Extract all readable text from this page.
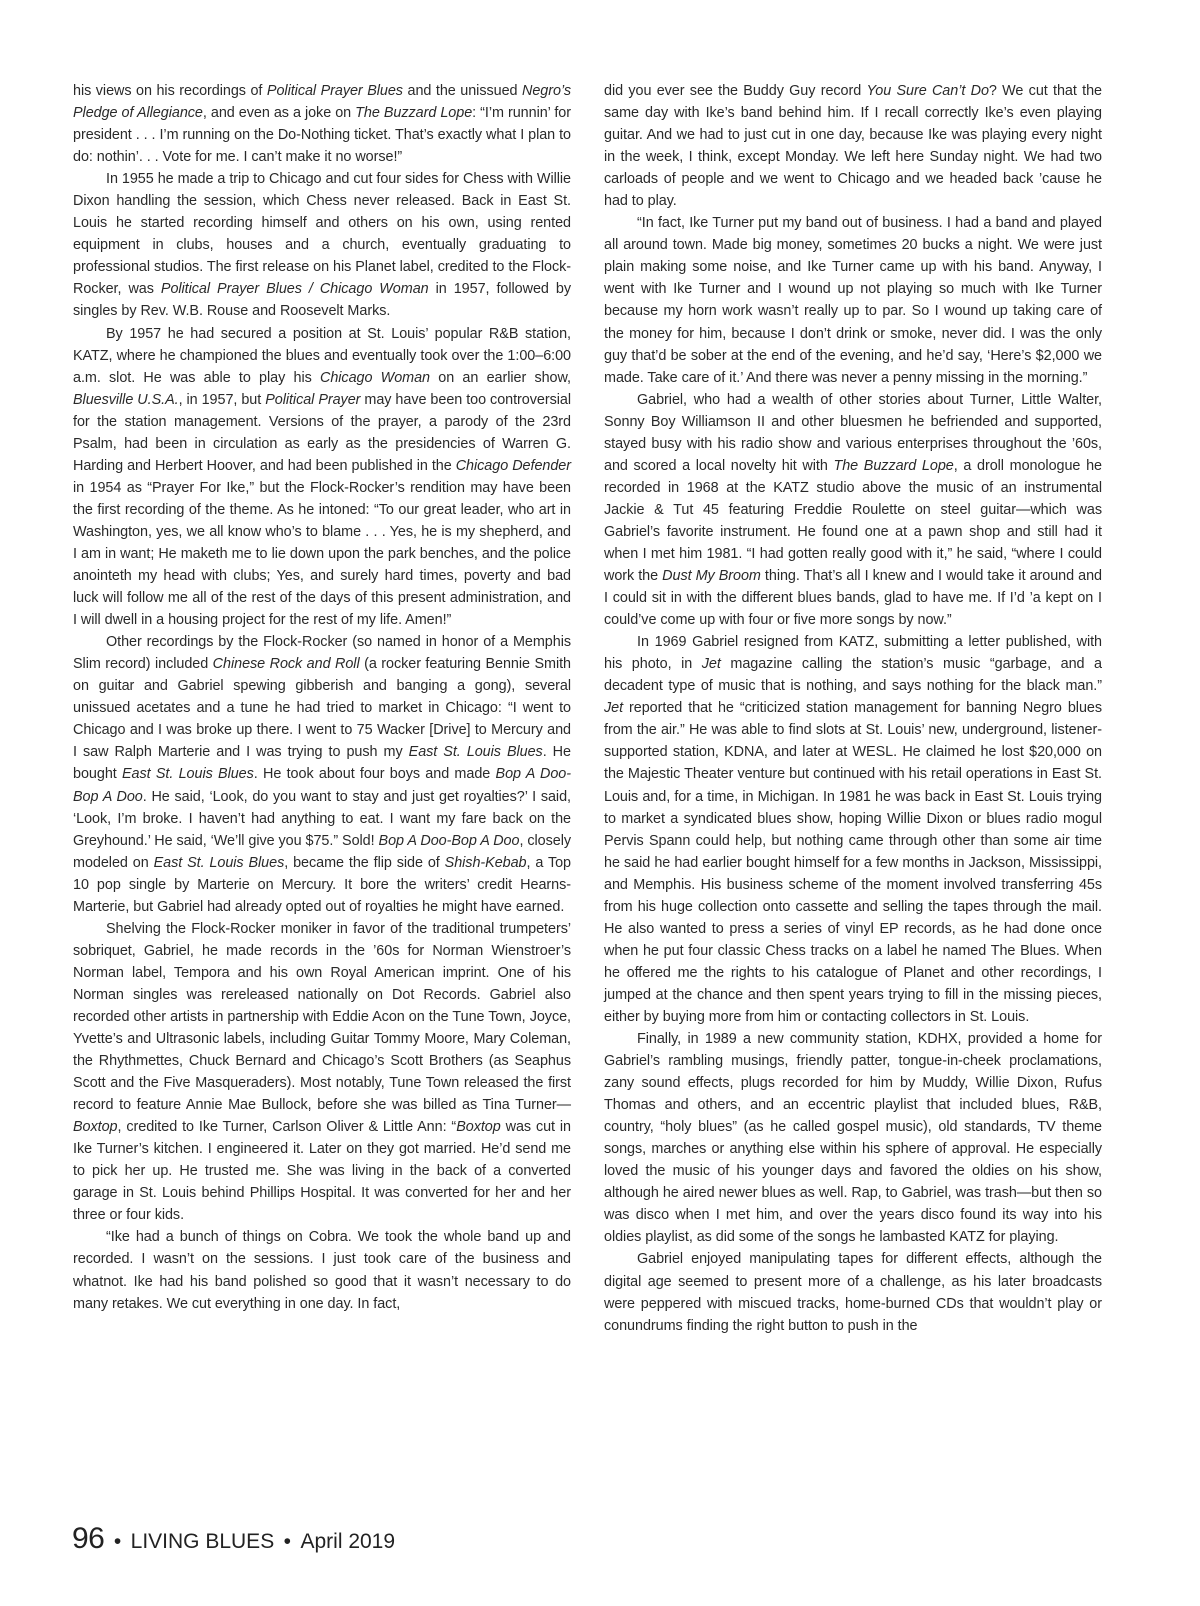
his views on his recordings of Political Prayer Blues and the unissued Negro’s Pledge of Allegiance, and even as a joke on The Buzzard Lope: “I’m runnin’ for president . . . I’m running on the Do-Nothing ticket. That’s exactly what I plan to do: nothin’. . . Vote for me. I can’t make it no worse!”

In 1955 he made a trip to Chicago and cut four sides for Chess with Willie Dixon handling the session, which Chess never released. Back in East St. Louis he started recording himself and others on his own, using rented equipment in clubs, houses and a church, eventually graduating to professional studios. The first release on his Planet label, credited to the Flock-Rocker, was Political Prayer Blues / Chicago Woman in 1957, followed by singles by Rev. W.B. Rouse and Roosevelt Marks.

By 1957 he had secured a position at St. Louis’ popular R&B station, KATZ, where he championed the blues and eventually took over the 1:00–6:00 a.m. slot. He was able to play his Chicago Woman on an earlier show, Bluesville U.S.A., in 1957, but Political Prayer may have been too controversial for the station management. Versions of the prayer, a parody of the 23rd Psalm, had been in circulation as early as the presidencies of Warren G. Harding and Herbert Hoover, and had been published in the Chicago Defender in 1954 as “Prayer For Ike,” but the Flock-Rocker’s rendition may have been the first recording of the theme. As he intoned: “To our great leader, who art in Washington, yes, we all know who’s to blame . . . Yes, he is my shepherd, and I am in want; He maketh me to lie down upon the park benches, and the police anointeth my head with clubs; Yes, and surely hard times, poverty and bad luck will follow me all of the rest of the days of this present administration, and I will dwell in a housing project for the rest of my life. Amen!”

Other recordings by the Flock-Rocker (so named in honor of a Memphis Slim record) included Chinese Rock and Roll (a rocker featuring Bennie Smith on guitar and Gabriel spewing gibberish and banging a gong), several unissued acetates and a tune he had tried to market in Chicago: “I went to Chicago and I was broke up there. I went to 75 Wacker [Drive] to Mercury and I saw Ralph Marterie and I was trying to push my East St. Louis Blues. He bought East St. Louis Blues. He took about four boys and made Bop A Doo-Bop A Doo. He said, ‘Look, do you want to stay and just get royalties?’ I said, ‘Look, I’m broke. I haven’t had anything to eat. I want my fare back on the Greyhound.’ He said, ‘We’ll give you $75.” Sold! Bop A Doo-Bop A Doo, closely modeled on East St. Louis Blues, became the flip side of Shish-Kebab, a Top 10 pop single by Marterie on Mercury. It bore the writers’ credit Hearns-Marterie, but Gabriel had already opted out of royalties he might have earned.

Shelving the Flock-Rocker moniker in favor of the traditional trumpeters’ sobriquet, Gabriel, he made records in the ’60s for Norman Wienstroer’s Norman label, Tempora and his own Royal American imprint. One of his Norman singles was rereleased nationally on Dot Records. Gabriel also recorded other artists in partnership with Eddie Acon on the Tune Town, Joyce, Yvette’s and Ultrasonic labels, including Guitar Tommy Moore, Mary Coleman, the Rhythmettes, Chuck Bernard and Chicago’s Scott Brothers (as Seaphus Scott and the Five Masqueraders). Most notably, Tune Town released the first record to feature Annie Mae Bullock, before she was billed as Tina Turner—Boxtop, credited to Ike Turner, Carlson Oliver & Little Ann: “Boxtop was cut in Ike Turner’s kitchen. I engineered it. Later on they got married. He’d send me to pick her up. He trusted me. She was living in the back of a converted garage in St. Louis behind Phillips Hospital. It was converted for her and her three or four kids.

“Ike had a bunch of things on Cobra. We took the whole band up and recorded. I wasn’t on the sessions. I just took care of the business and whatnot. Ike had his band polished so good that it wasn’t necessary to do many retakes. We cut everything in one day. In fact,

did you ever see the Buddy Guy record You Sure Can’t Do? We cut that the same day with Ike’s band behind him. If I recall correctly Ike’s even playing guitar. And we had to just cut in one day, because Ike was playing every night in the week, I think, except Monday. We left here Sunday night. We had two carloads of people and we went to Chicago and we headed back ’cause he had to play.

“In fact, Ike Turner put my band out of business. I had a band and played all around town. Made big money, sometimes 20 bucks a night. We were just plain making some noise, and Ike Turner came up with his band. Anyway, I went with Ike Turner and I wound up not playing so much with Ike Turner because my horn work wasn’t really up to par. So I wound up taking care of the money for him, because I don’t drink or smoke, never did. I was the only guy that’d be sober at the end of the evening, and he’d say, ‘Here’s $2,000 we made. Take care of it.’ And there was never a penny missing in the morning.”

Gabriel, who had a wealth of other stories about Turner, Little Walter, Sonny Boy Williamson II and other bluesmen he befriended and supported, stayed busy with his radio show and various enterprises throughout the ’60s, and scored a local novelty hit with The Buzzard Lope, a droll monologue he recorded in 1968 at the KATZ studio above the music of an instrumental Jackie & Tut 45 featuring Freddie Roulette on steel guitar—which was Gabriel’s favorite instrument. He found one at a pawn shop and still had it when I met him 1981. “I had gotten really good with it,” he said, “where I could work the Dust My Broom thing. That’s all I knew and I would take it around and I could sit in with the different blues bands, glad to have me. If I’d ’a kept on I could’ve come up with four or five more songs by now.”

In 1969 Gabriel resigned from KATZ, submitting a letter published, with his photo, in Jet magazine calling the station’s music “garbage, and a decadent type of music that is nothing, and says nothing for the black man.” Jet reported that he “criticized station management for banning Negro blues from the air.” He was able to find slots at St. Louis’ new, underground, listener-supported station, KDNA, and later at WESL. He claimed he lost $20,000 on the Majestic Theater venture but continued with his retail operations in East St. Louis and, for a time, in Michigan. In 1981 he was back in East St. Louis trying to market a syndicated blues show, hoping Willie Dixon or blues radio mogul Pervis Spann could help, but nothing came through other than some air time he said he had earlier bought himself for a few months in Jackson, Mississippi, and Memphis. His business scheme of the moment involved transferring 45s from his huge collection onto cassette and selling the tapes through the mail. He also wanted to press a series of vinyl EP records, as he had done once when he put four classic Chess tracks on a label he named The Blues. When he offered me the rights to his catalogue of Planet and other recordings, I jumped at the chance and then spent years trying to fill in the missing pieces, either by buying more from him or contacting collectors in St. Louis.

Finally, in 1989 a new community station, KDHX, provided a home for Gabriel’s rambling musings, friendly patter, tongue-in-cheek proclamations, zany sound effects, plugs recorded for him by Muddy, Willie Dixon, Rufus Thomas and others, and an eccentric playlist that included blues, R&B, country, “holy blues” (as he called gospel music), old standards, TV theme songs, marches or anything else within his sphere of approval. He especially loved the music of his younger days and favored the oldies on his show, although he aired newer blues as well. Rap, to Gabriel, was trash—but then so was disco when I met him, and over the years disco found its way into his oldies playlist, as did some of the songs he lambasted KATZ for playing.

Gabriel enjoyed manipulating tapes for different effects, although the digital age seemed to present more of a challenge, as his later broadcasts were peppered with miscued tracks, home-burned CDs that wouldn’t play or conundrums finding the right button to push in the

96 • LIVING BLUES • April 2019
